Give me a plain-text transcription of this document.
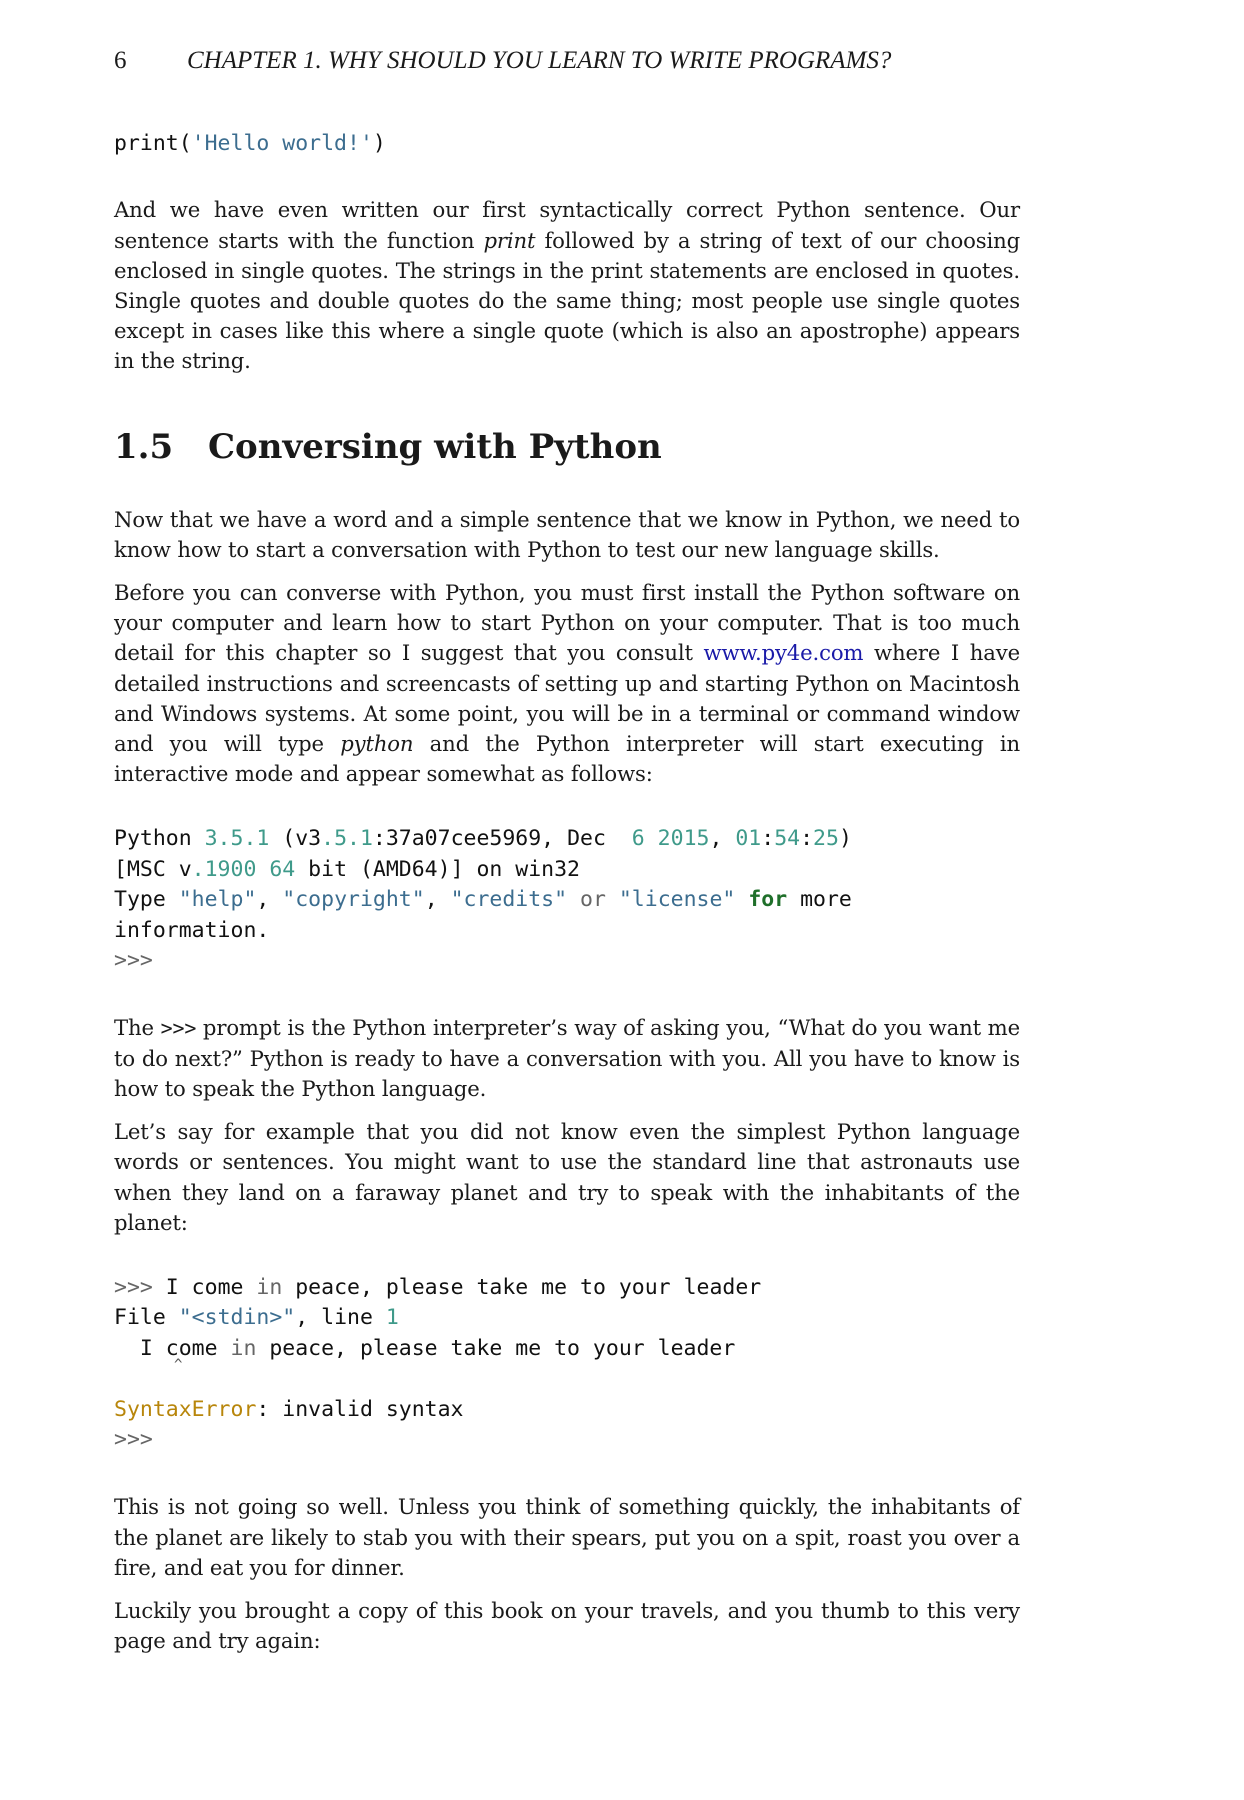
6	CHAPTER 1. WHY SHOULD YOU LEARN TO WRITE PROGRAMS?
print('Hello world!')

And we have even written our first syntactically correct Python sentence. Our sentence starts with the function print followed by a string of text of our choosing enclosed in single quotes. The strings in the print statements are enclosed in quotes. Single quotes and double quotes do the same thing; most people use single quotes except in cases like this where a single quote (which is also an apostrophe) appears in the string.

1.5	Conversing with Python

Now that we have a word and a simple sentence that we know in Python, we need to know how to start a conversation with Python to test our new language skills.

Before you can converse with Python, you must first install the Python software on your computer and learn how to start Python on your computer. That is too much detail for this chapter so I suggest that you consult www.py4e.com where I have detailed instructions and screencasts of setting up and starting Python on Macintosh and Windows systems. At some point, you will be in a terminal or command window and you will type python and the Python interpreter will start executing in interactive mode and appear somewhat as follows:

Python 3.5.1 (v3.5.1:37a07cee5969, Dec  6 2015, 01:54:25)
[MSC v.1900 64 bit (AMD64)] on win32
Type "help", "copyright", "credits" or "license" for more
information.
>>>

The >>> prompt is the Python interpreter’s way of asking you, “What do you want me to do next?” Python is ready to have a conversation with you. All you have to know is how to speak the Python language.

Let’s say for example that you did not know even the simplest Python language words or sentences. You might want to use the standard line that astronauts use when they land on a faraway planet and try to speak with the inhabitants of the planet:

>>> I come in peace, please take me to your leader
File "<stdin>", line 1
I come in peace, please take me to your leader

^

SyntaxError: invalid syntax
>>>

This is not going so well. Unless you think of something quickly, the inhabitants of the planet are likely to stab you with their spears, put you on a spit, roast you over a fire, and eat you for dinner.

Luckily you brought a copy of this book on your travels, and you thumb to this very page and try again:
